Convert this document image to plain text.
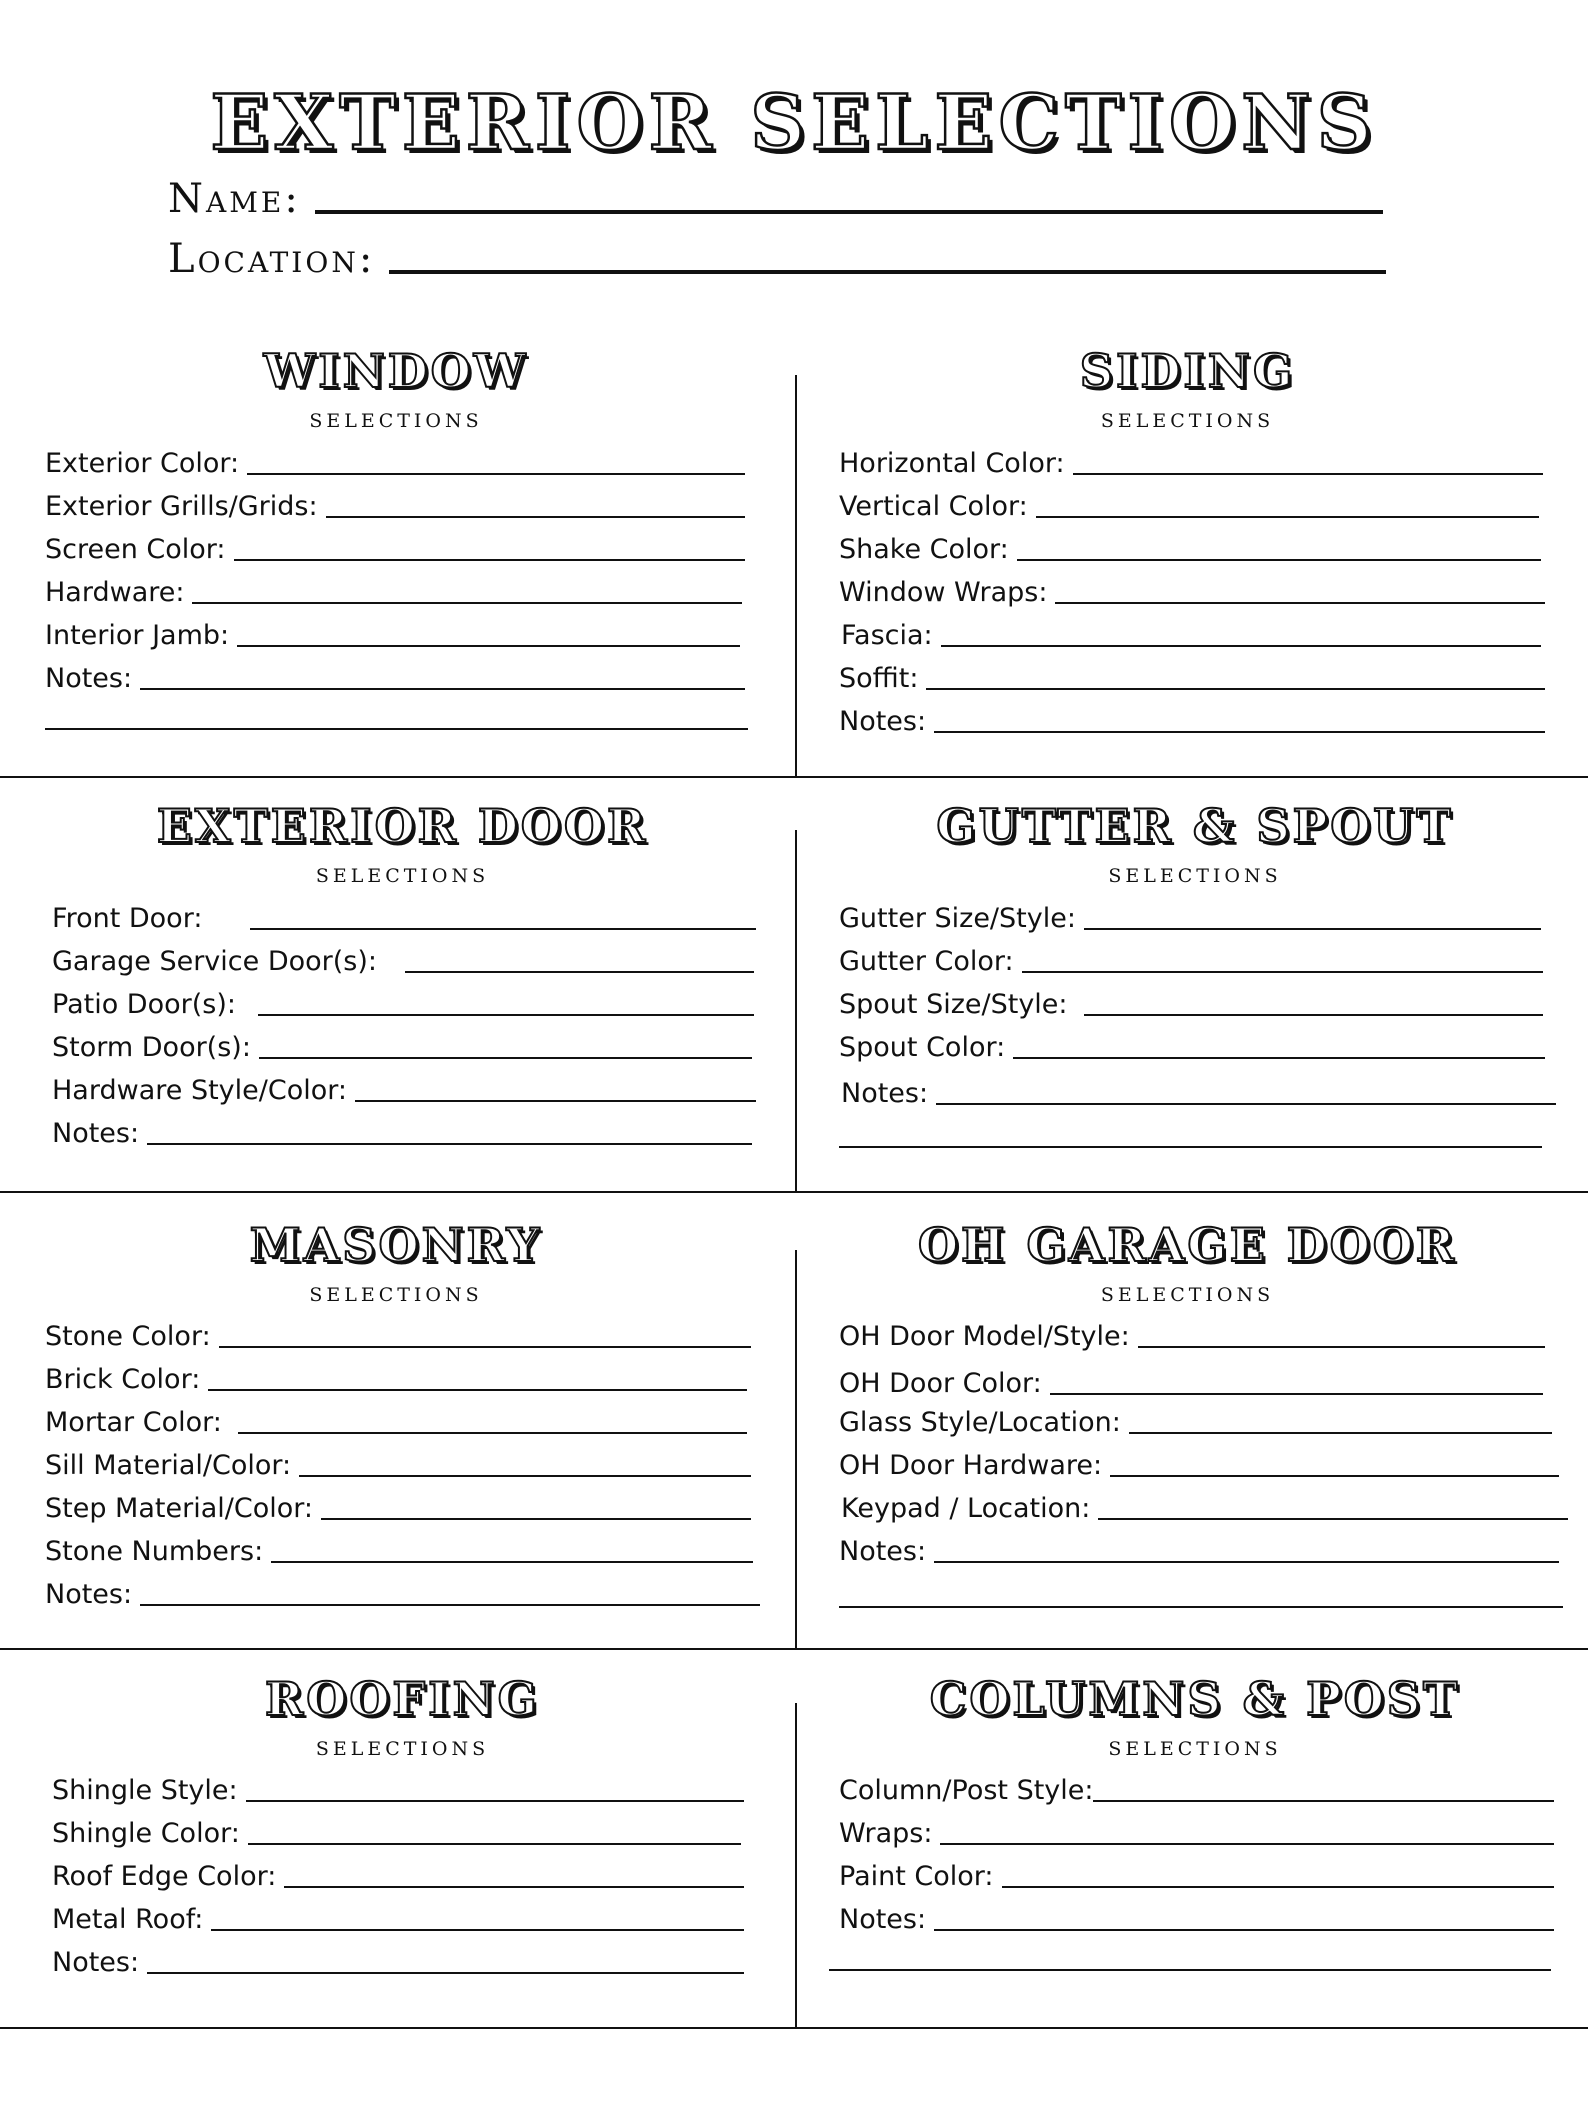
EXTERIOR SELECTIONS
Name:
Location:
WINDOW
SELECTIONS
Exterior Color:
Exterior Grills/Grids:
Screen Color:
Hardware:
Interior Jamb:
Notes:
SIDING
SELECTIONS
Horizontal Color:
Vertical Color:
Shake Color:
Window Wraps:
Fascia:
Soffit:
Notes:
EXTERIOR DOOR
SELECTIONS
Front Door:
Garage Service Door(s):
Patio Door(s):
Storm Door(s):
Hardware Style/Color:
Notes:
GUTTER & SPOUT
SELECTIONS
Gutter Size/Style:
Gutter Color:
Spout Size/Style:
Spout Color:
Notes:
MASONRY
SELECTIONS
Stone Color:
Brick Color:
Mortar Color:
Sill Material/Color:
Step Material/Color:
Stone Numbers:
Notes:
OH GARAGE DOOR
SELECTIONS
OH Door Model/Style:
OH Door Color:
Glass Style/Location:
OH Door Hardware:
Keypad / Location:
Notes:
ROOFING
SELECTIONS
Shingle Style:
Shingle Color:
Roof Edge Color:
Metal Roof:
Notes:
COLUMNS & POST
SELECTIONS
Column/Post Style:
Wraps:
Paint Color:
Notes:
